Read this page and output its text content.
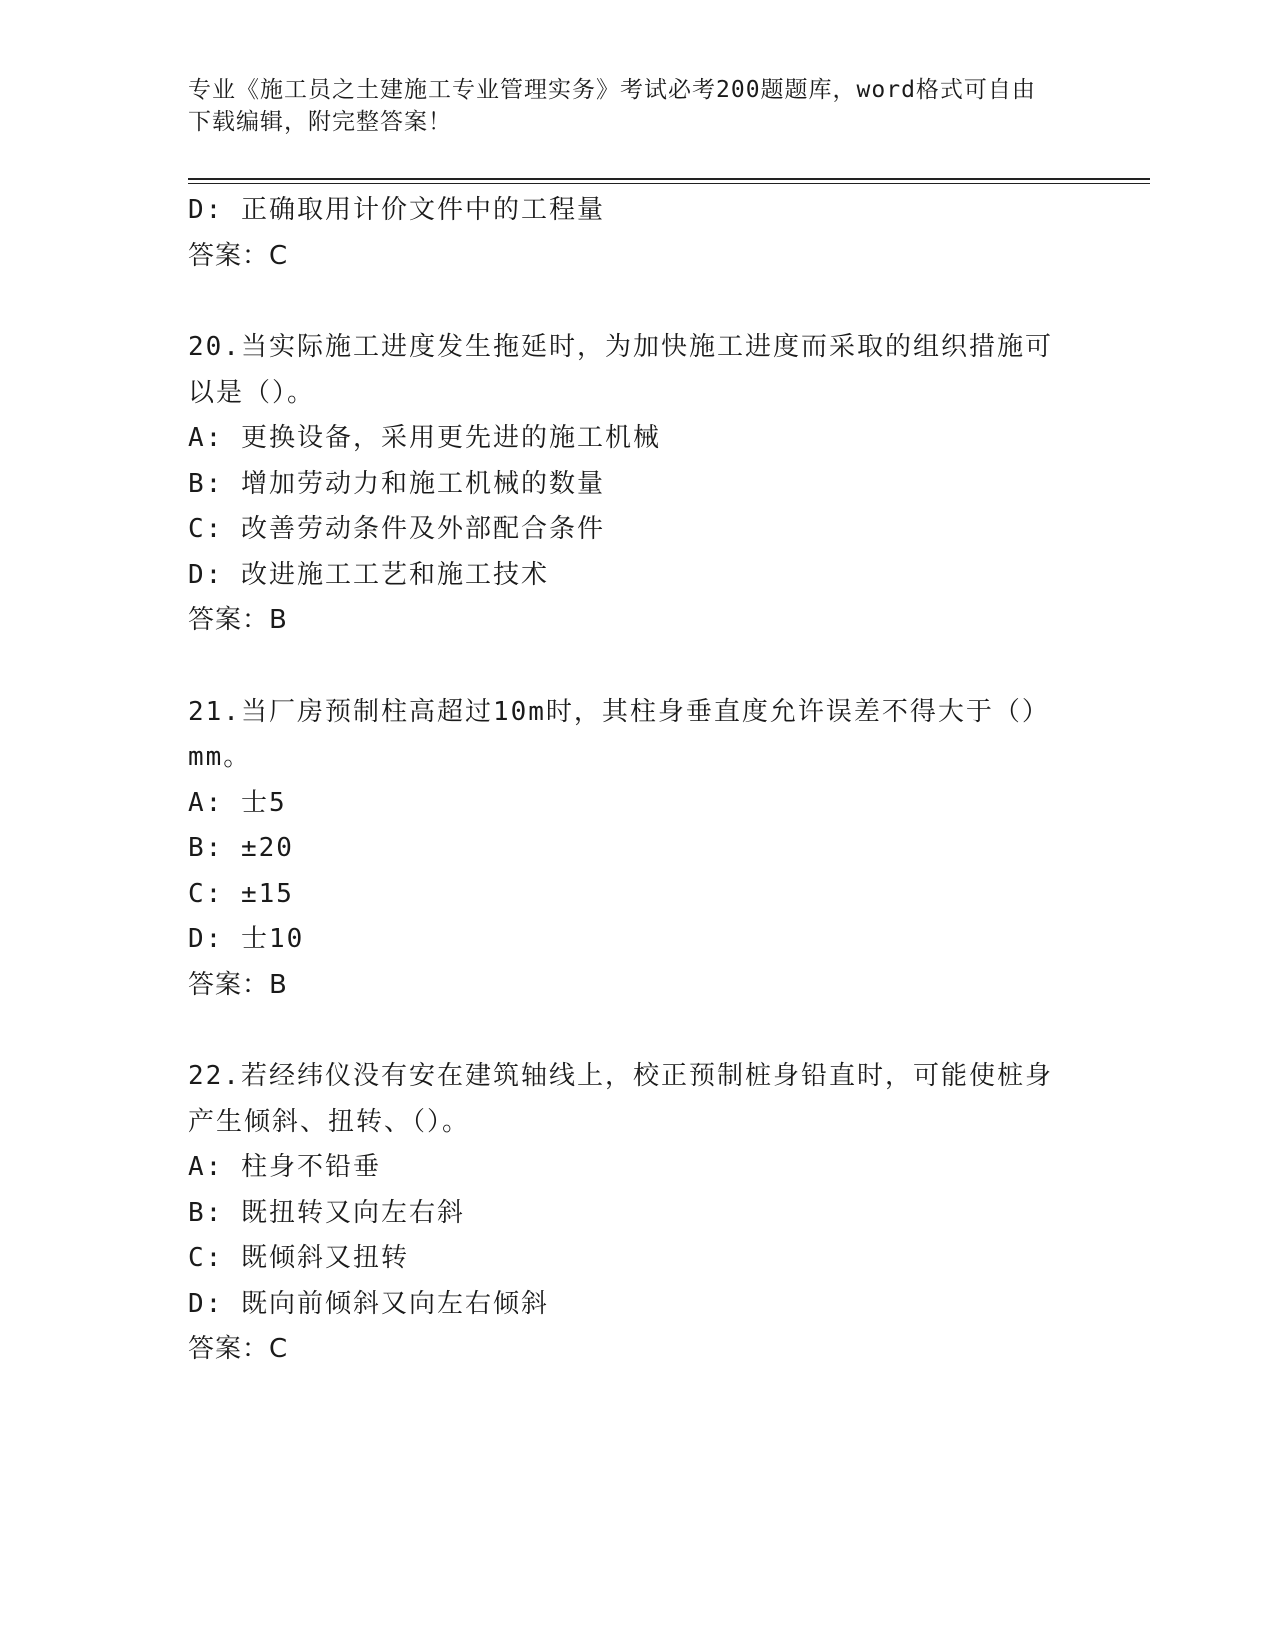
专业《施工员之土建施工专业管理实务》考试必考200题题库，word格式可自由
下载编辑，附完整答案！
D: 正确取用计价文件中的工程量
答案：C
20.当实际施工进度发生拖延时，为加快施工进度而采取的组织措施可
以是（）。
A: 更换设备，采用更先进的施工机械
B: 增加劳动力和施工机械的数量
C: 改善劳动条件及外部配合条件
D: 改进施工工艺和施工技术
答案：B
21.当厂房预制柱高超过10m时，其柱身垂直度允许误差不得大于（）
mm。
A: 士5
B: ±20
C: ±15
D: 士10
答案：B
22.若经纬仪没有安在建筑轴线上，校正预制桩身铅直时，可能使桩身
产生倾斜、扭转、（）。
A: 柱身不铅垂
B: 既扭转又向左右斜
C: 既倾斜又扭转
D: 既向前倾斜又向左右倾斜
答案：C
